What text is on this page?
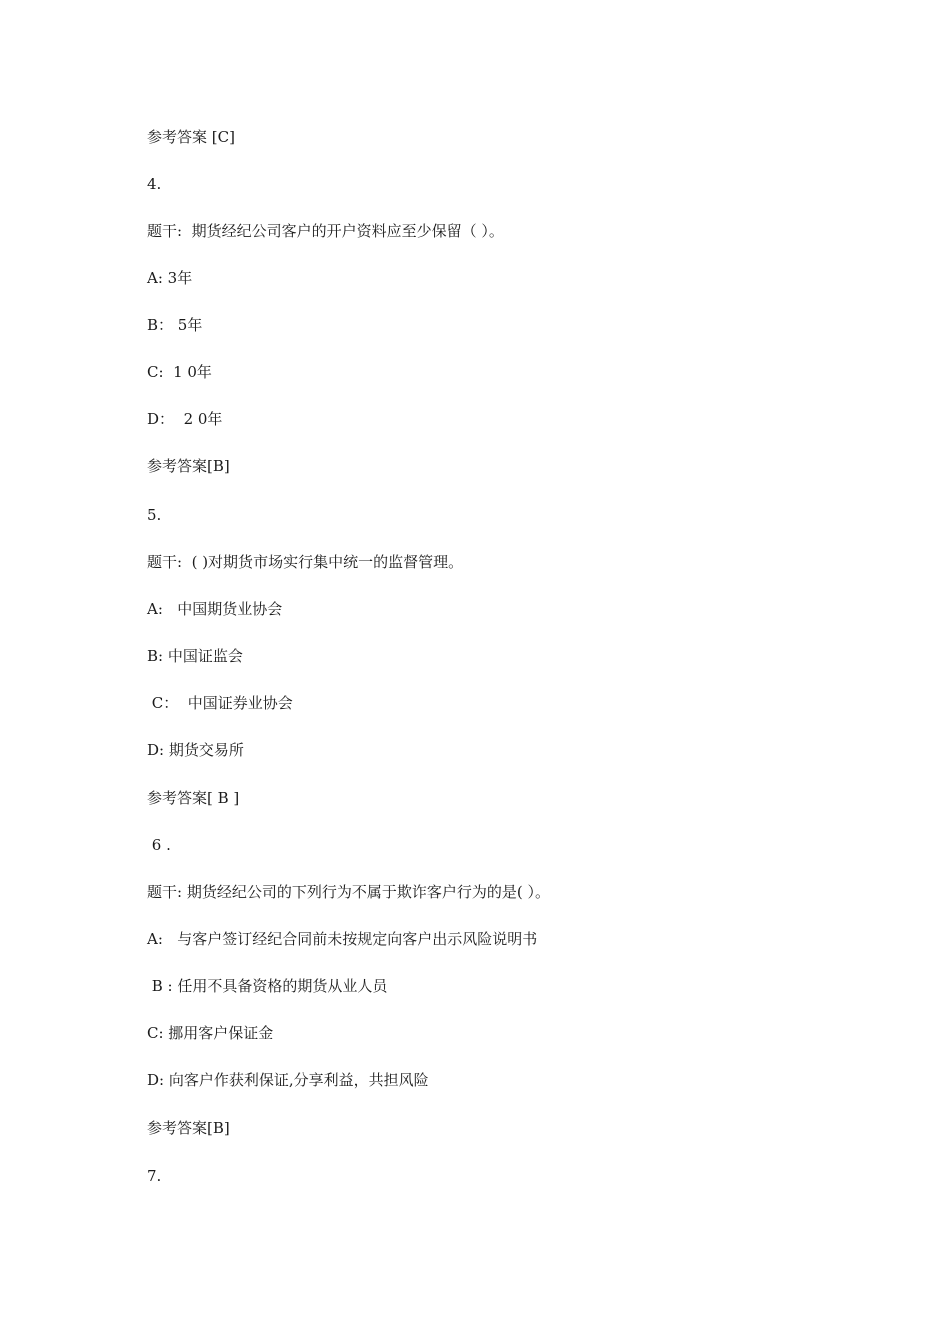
参考答案 [C]

4.

题干:  期货经纪公司客户的开户资料应至少保留（ ）。

A: 3年

B： 5年

C:  1 0年

D：  2 0年

参考答案[B]

5.

题干:  ( )对期货市场实行集中统一的监督管理。

A:   中国期货业协会

B: 中国证监会

C：  中国证券业协会

D: 期货交易所

参考答案[ B ]

6 .

题干: 期货经纪公司的下列行为不属于欺诈客户行为的是( ）。

A:   与客户签订经纪合同前未按规定向客户出示风险说明书

B : 任用不具备资格的期货从业人员

C: 挪用客户保证金

D: 向客户作获利保证,分享利益，共担风险

参考答案[B]

7.
